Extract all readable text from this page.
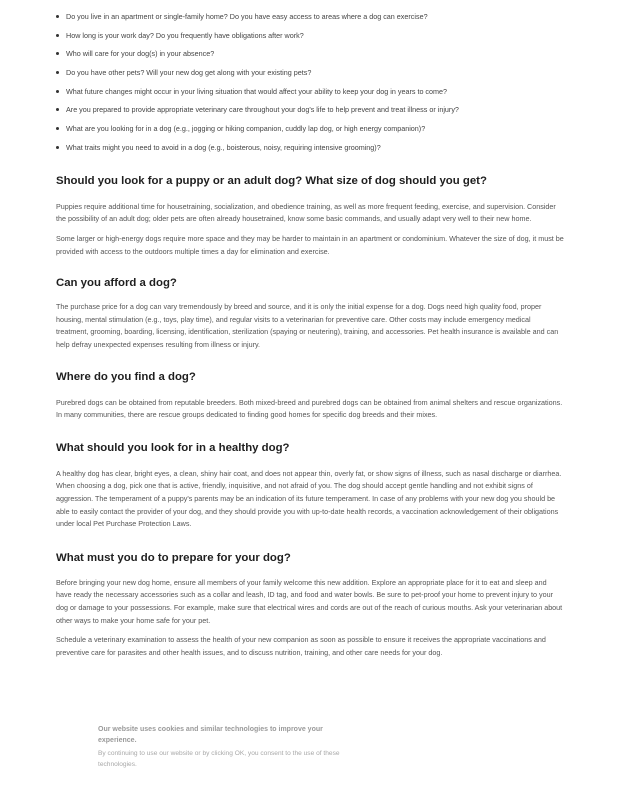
Do you live in an apartment or single-family home? Do you have easy access to areas where a dog can exercise?
How long is your work day? Do you frequently have obligations after work?
Who will care for your dog(s) in your absence?
Do you have other pets? Will your new dog get along with your existing pets?
What future changes might occur in your living situation that would affect your ability to keep your dog in years to come?
Are you prepared to provide appropriate veterinary care throughout your dog's life to help prevent and treat illness or injury?
What are you looking for in a dog (e.g., jogging or hiking companion, cuddly lap dog, or high energy companion)?
What traits might you need to avoid in a dog (e.g., boisterous, noisy, requiring intensive grooming)?
Should you look for a puppy or an adult dog? What size of dog should you get?

Puppies require additional time for housetraining, socialization, and obedience training, as well as more frequent feeding, exercise, and supervision. Consider the possibility of an adult dog; older pets are often already housetrained, know some basic commands, and usually adapt very well to their new home.

Some larger or high-energy dogs require more space and they may be harder to maintain in an apartment or condominium. Whatever the size of dog, it must be provided with access to the outdoors multiple times a day for elimination and exercise.

Can you afford a dog?

The purchase price for a dog can vary tremendously by breed and source, and it is only the initial expense for a dog. Dogs need high quality food, proper housing, mental stimulation (e.g., toys, play time), and regular visits to a veterinarian for preventive care. Other costs may include emergency medical treatment, grooming, boarding, licensing, identification, sterilization (spaying or neutering), training, and accessories. Pet health insurance is available and can help defray unexpected expenses resulting from illness or injury.

Where do you find a dog?

Purebred dogs can be obtained from reputable breeders. Both mixed-breed and purebred dogs can be obtained from animal shelters and rescue organizations. In many communities, there are rescue groups dedicated to finding good homes for specific dog breeds and their mixes.

What should you look for in a healthy dog?

A healthy dog has clear, bright eyes, a clean, shiny hair coat, and does not appear thin, overly fat, or show signs of illness, such as nasal discharge or diarrhea. When choosing a dog, pick one that is active, friendly, inquisitive, and not afraid of you. The dog should accept gentle handling and not exhibit signs of aggression. The temperament of a puppy's parents may be an indication of its future temperament. In case of any problems with your new dog you should be able to easily contact the provider of your dog, and they should provide you with up-to-date health records, a vaccination acknowledgement of their obligations under local Pet Purchase Protection Laws.

What must you do to prepare for your dog?

Before bringing your new dog home, ensure all members of your family welcome this new addition. Explore an appropriate place for it to eat and sleep and have ready the necessary accessories such as a collar and leash, ID tag, and food and water bowls. Be sure to pet-proof your home to prevent injury to your dog or damage to your possessions. For example, make sure that electrical wires and cords are out of the reach of curious mouths. Ask your veterinarian about other ways to make your home safe for your pet.

Schedule a veterinary examination to assess the health of your new companion as soon as possible to ensure it receives the appropriate vaccinations and preventive care for parasites and other health issues, and to discuss nutrition, training, and other care needs for your dog.

Our website uses cookies and similar technologies to improve your experience.
By continuing to use our website or by clicking OK, you consent to the use of these technologies.
